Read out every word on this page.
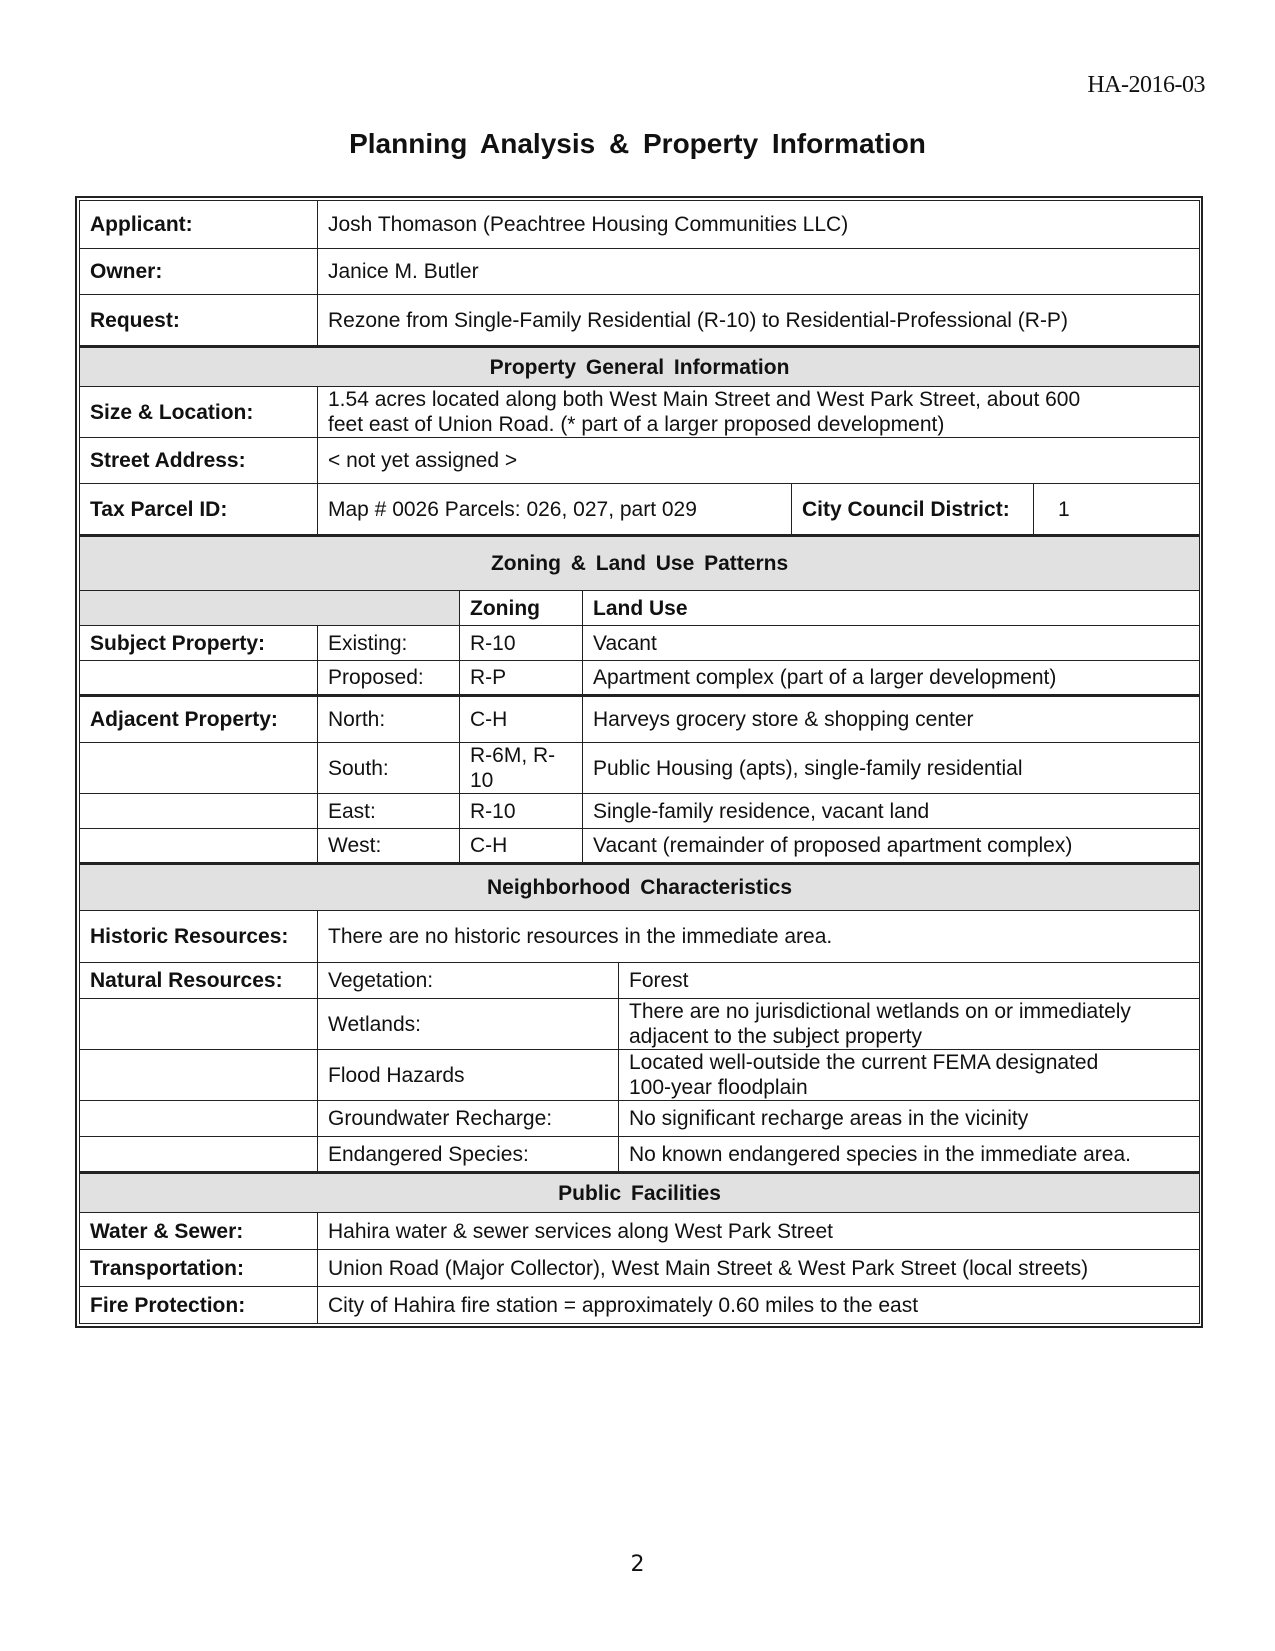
HA-2016-03
Planning Analysis & Property Information
Applicant:	Josh Thomason (Peachtree Housing Communities LLC)					
Owner:	Janice M. Butler					
Request:	Rezone from Single-Family Residential (R-10) to Residential-Professional (R-P)					
Property General Information						
Size & Location:	1.54 acres located along both West Main Street and West Park Street, about 600
feet east of Union Road. (* part of a larger proposed development)					

Street Address:	< not yet assigned >					
Tax Parcel ID:	Map # 0026 Parcels: 026, 027, part 029				City Council District:	1
Zoning & Land Use Patterns						
		Zoning	Land Use			
Subject Property:	Existing:	R-10	Vacant			
	Proposed:	R-P	Apartment complex (part of a larger development)			
Adjacent Property:	North:	C-H	Harveys grocery store & shopping center			
	South:	R-6M, R-10	Public Housing (apts), single-family residential			
	East:	R-10	Single-family residence, vacant land			
	West:	C-H	Vacant (remainder of proposed apartment complex)			
Neighborhood Characteristics						
Historic Resources:	There are no historic resources in the immediate area.					
Natural Resources:	Vegetation:			Forest		

	Wetlands:			There are no jurisdictional wetlands on or immediately
adjacent to the subject property		

	Flood Hazards			Located well-outside the current FEMA designated
100-year floodplain		

	Groundwater Recharge:			No significant recharge areas in the vicinity		

	Endangered Species:			No known endangered species in the immediate area.		

Public Facilities						
Water & Sewer:	Hahira water & sewer services along West Park Street					
Transportation:	Union Road (Major Collector), West Main Street & West Park Street (local streets)					
Fire Protection:	City of Hahira fire station = approximately 0.60 miles to the east					
2
